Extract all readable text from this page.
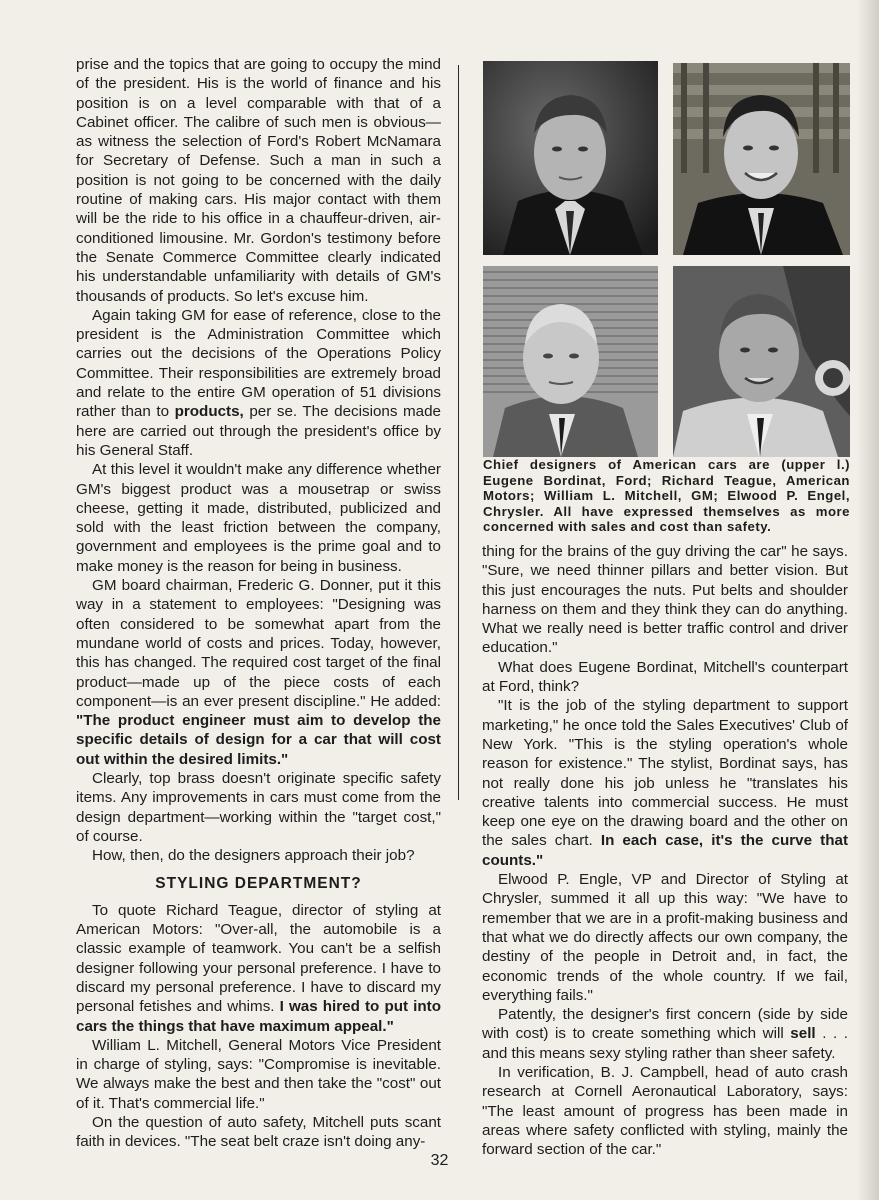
prise and the topics that are going to occupy the mind of the president. His is the world of finance and his position is on a level comparable with that of a Cabinet officer. The calibre of such men is obvious—as witness the selection of Ford's Robert McNamara for Secretary of Defense. Such a man in such a position is not going to be concerned with the daily routine of making cars. His major contact with them will be the ride to his office in a chauffeur-driven, air-conditioned limousine. Mr. Gordon's testimony before the Senate Commerce Committee clearly indicated his understandable unfamiliarity with details of GM's thousands of products. So let's excuse him.

Again taking GM for ease of reference, close to the president is the Administration Committee which carries out the decisions of the Operations Policy Committee. Their responsibilities are extremely broad and relate to the entire GM operation of 51 divisions rather than to products, per se. The decisions made here are carried out through the president's office by his General Staff.

At this level it wouldn't make any difference whether GM's biggest product was a mousetrap or swiss cheese, getting it made, distributed, publicized and sold with the least friction between the company, government and employees is the prime goal and to make money is the reason for being in business.

GM board chairman, Frederic G. Donner, put it this way in a statement to employees: "Designing was often considered to be somewhat apart from the mundane world of costs and prices. Today, however, this has changed. The required cost target of the final product—made up of the piece costs of each component—is an ever present discipline." He added: "The product engineer must aim to develop the specific details of design for a car that will cost out within the desired limits."

Clearly, top brass doesn't originate specific safety items. Any improvements in cars must come from the design department—working within the "target cost," of course.

How, then, do the designers approach their job?

STYLING DEPARTMENT?

To quote Richard Teague, director of styling at American Motors: "Over-all, the automobile is a classic example of teamwork. You can't be a selfish designer following your personal preference. I have to discard my personal preference. I have to discard my personal fetishes and whims. I was hired to put into cars the things that have maximum appeal."

William L. Mitchell, General Motors Vice President in charge of styling, says: "Compromise is inevitable. We always make the best and then take the "cost" out of it. That's commercial life."

On the question of auto safety, Mitchell puts scant faith in devices. "The seat belt craze isn't doing any-

Chief designers of American cars are (upper l.) Eugene Bordinat, Ford; Richard Teague, American Motors; William L. Mitchell, GM; Elwood P. Engel, Chrysler. All have expressed themselves as more concerned with sales and cost than safety.

thing for the brains of the guy driving the car" he says. "Sure, we need thinner pillars and better vision. But this just encourages the nuts. Put belts and shoulder harness on them and they think they can do anything. What we really need is better traffic control and driver education."

What does Eugene Bordinat, Mitchell's counterpart at Ford, think?

"It is the job of the styling department to support marketing," he once told the Sales Executives' Club of New York. "This is the styling operation's whole reason for existence." The stylist, Bordinat says, has not really done his job unless he "translates his creative talents into commercial success. He must keep one eye on the drawing board and the other on the sales chart. In each case, it's the curve that counts."

Elwood P. Engle, VP and Director of Styling at Chrysler, summed it all up this way: "We have to remember that we are in a profit-making business and that what we do directly affects our own company, the destiny of the people in Detroit and, in fact, the economic trends of the whole country. If we fail, everything fails."

Patently, the designer's first concern (side by side with cost) is to create something which will sell . . . and this means sexy styling rather than sheer safety.

In verification, B. J. Campbell, head of auto crash research at Cornell Aeronautical Laboratory, says: "The least amount of progress has been made in areas where safety conflicted with styling, mainly the forward section of the car."

32
